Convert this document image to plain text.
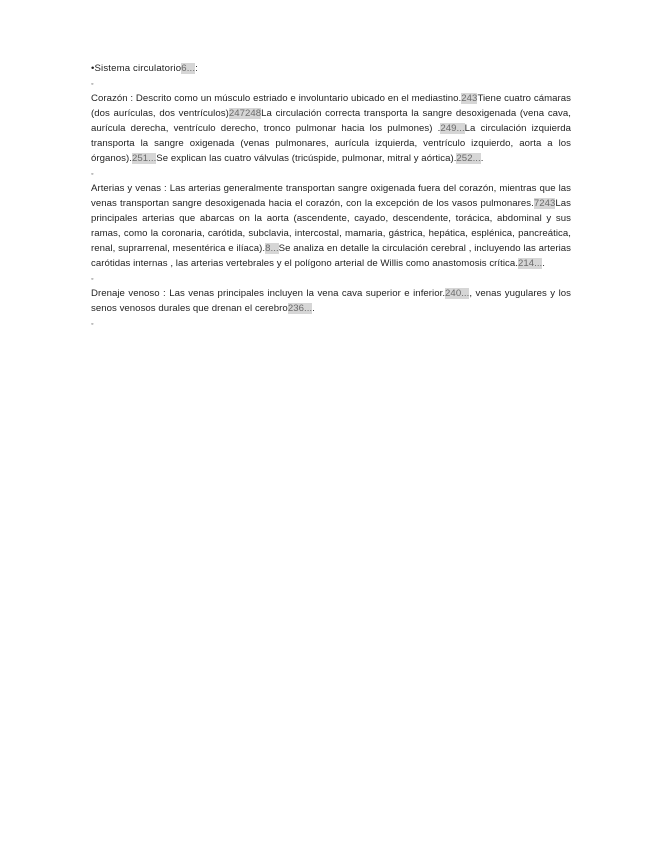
•Sistema circulatorio6...:

◦

Corazón : Descrito como un músculo estriado e involuntario ubicado en el mediastino.243Tiene cuatro cámaras (dos aurículas, dos ventrículos)247248La circulación correcta transporta la sangre desoxigenada (vena cava, aurícula derecha, ventrículo derecho, tronco pulmonar hacia los pulmones) .249...La circulación izquierda transporta la sangre oxigenada (venas pulmonares, aurícula izquierda, ventrículo izquierdo, aorta a los órganos).251...Se explican las cuatro válvulas (tricúspide, pulmonar, mitral y aórtica).252....

◦

Arterias y venas : Las arterias generalmente transportan sangre oxigenada fuera del corazón, mientras que las venas transportan sangre desoxigenada hacia el corazón, con la excepción de los vasos pulmonares.7243Las principales arterias que abarcas on la aorta (ascendente, cayado, descendente, torácica, abdominal y sus ramas, como la coronaria, carótida, subclavia, intercostal, mamaria, gástrica, hepática, esplénica, pancreática, renal, suprarrenal, mesentérica e ilíaca).8...Se analiza en detalle la circulación cerebral , incluyendo las arterias carótidas internas , las arterias vertebrales y el polígono arterial de Willis como anastomosis crítica.214....

◦

Drenaje venoso : Las venas principales incluyen la vena cava superior e inferior.240..., venas yugulares y los senos venosos durales que drenan el cerebro236....

◦
